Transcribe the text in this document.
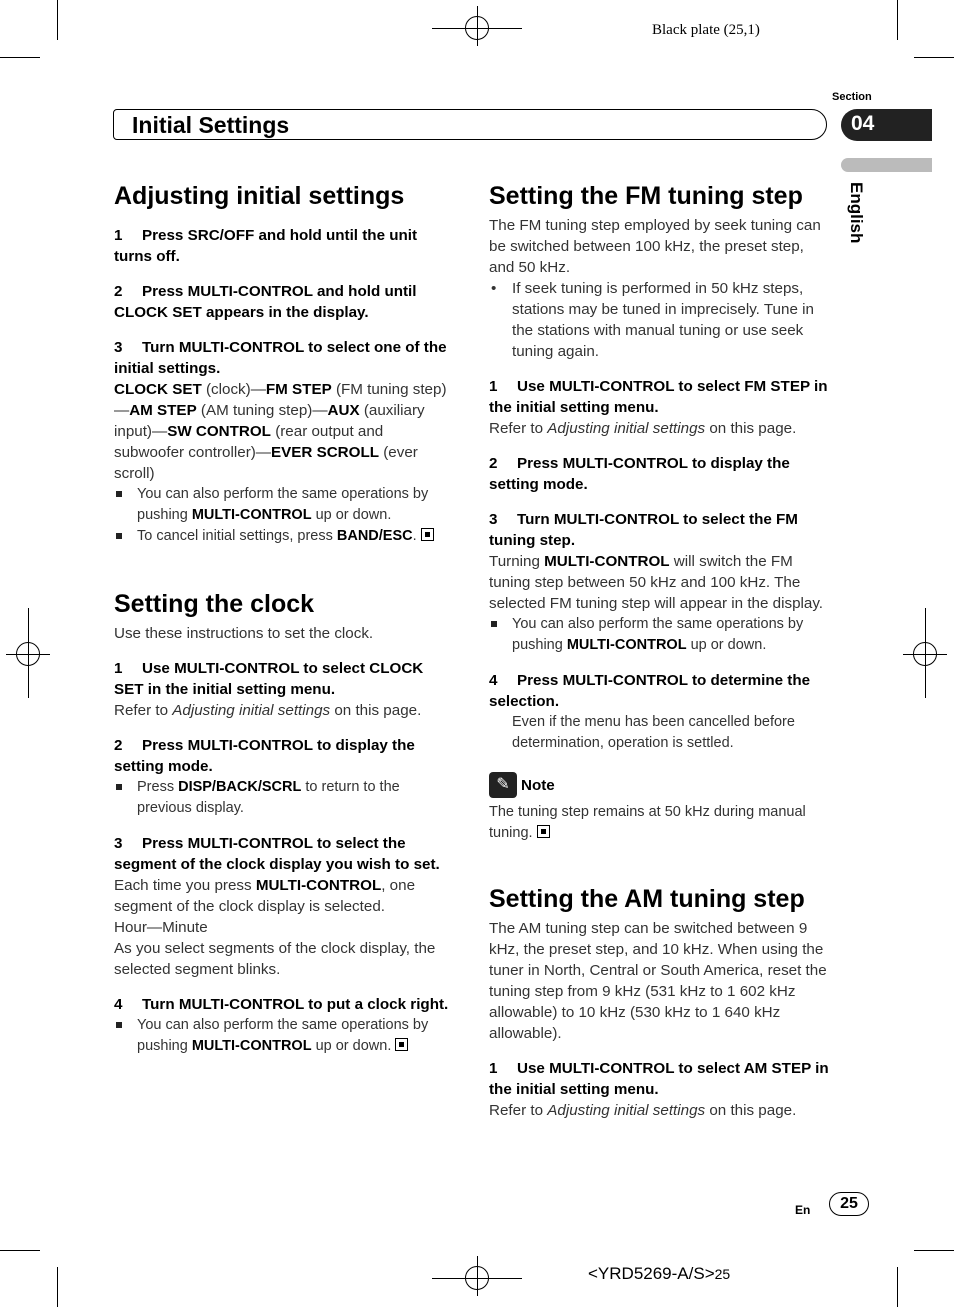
Black plate (25,1)
Initial Settings
Section
04
English
Adjusting initial settings
1 Press SRC/OFF and hold until the unit turns off.
2 Press MULTI-CONTROL and hold until CLOCK SET appears in the display.
3 Turn MULTI-CONTROL to select one of the initial settings.

CLOCK SET (clock)—FM STEP (FM tuning step)—AM STEP (AM tuning step)—AUX (auxiliary input)—SW CONTROL (rear output and subwoofer controller)—EVER SCROLL (ever scroll)

You can also perform the same operations by pushing MULTI-CONTROL up or down.

To cancel initial settings, press BAND/ESC.

Setting the clock

Use these instructions to set the clock.

1 Use MULTI-CONTROL to select CLOCK SET in the initial setting menu.

Refer to Adjusting initial settings on this page.

2 Press MULTI-CONTROL to display the setting mode.

Press DISP/BACK/SCRL to return to the previous display.

3 Press MULTI-CONTROL to select the segment of the clock display you wish to set.

Each time you press MULTI-CONTROL, one segment of the clock display is selected.

Hour—Minute

As you select segments of the clock display, the selected segment blinks.

4 Turn MULTI-CONTROL to put a clock right.

You can also perform the same operations by pushing MULTI-CONTROL up or down.

Setting the FM tuning step

The FM tuning step employed by seek tuning can be switched between 100 kHz, the preset step, and 50 kHz.

• If seek tuning is performed in 50 kHz steps, stations may be tuned in imprecisely. Tune in the stations with manual tuning or use seek tuning again.

1 Use MULTI-CONTROL to select FM STEP in the initial setting menu.

Refer to Adjusting initial settings on this page.

2 Press MULTI-CONTROL to display the setting mode.
3 Turn MULTI-CONTROL to select the FM tuning step.

Turning MULTI-CONTROL will switch the FM tuning step between 50 kHz and 100 kHz. The selected FM tuning step will appear in the display.

You can also perform the same operations by pushing MULTI-CONTROL up or down.

4 Press MULTI-CONTROL to determine the selection.

Even if the menu has been cancelled before determination, operation is settled.

✎ Note

The tuning step remains at 50 kHz during manual tuning.

Setting the AM tuning step

The AM tuning step can be switched between 9 kHz, the preset step, and 10 kHz. When using the tuner in North, Central or South America, reset the tuning step from 9 kHz (531 kHz to 1 602 kHz allowable) to 10 kHz (530 kHz to 1 640 kHz allowable).

1 Use MULTI-CONTROL to select AM STEP in the initial setting menu.

Refer to Adjusting initial settings on this page.

En	25
<YRD5269-A/S>25
